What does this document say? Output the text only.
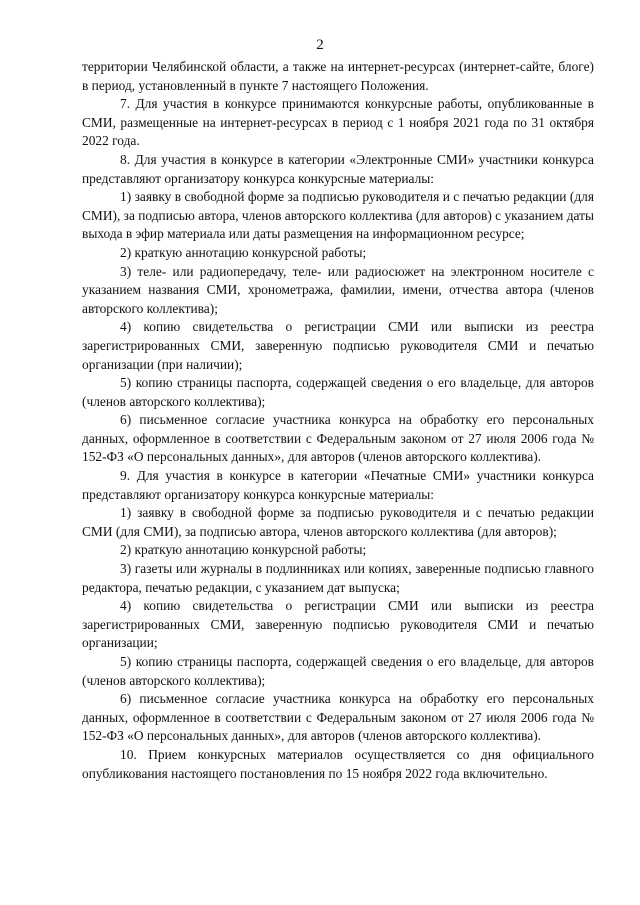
2

территории Челябинской области, а также на интернет-ресурсах (интернет-сайте, блоге) в период, установленный в пункте 7 настоящего Положения.

7. Для участия в конкурсе принимаются конкурсные работы, опубликованные в СМИ, размещенные на интернет-ресурсах в период с 1 ноября 2021 года по 31 октября 2022 года.

8. Для участия в конкурсе в категории «Электронные СМИ» участники конкурса представляют организатору конкурса конкурсные материалы:

1) заявку в свободной форме за подписью руководителя и с печатью редакции (для СМИ), за подписью автора, членов авторского коллектива (для авторов) с указанием даты выхода в эфир материала или даты размещения на информационном ресурсе;

2) краткую аннотацию конкурсной работы;

3) теле- или радиопередачу, теле- или радиосюжет на электронном носителе с указанием названия СМИ, хронометража, фамилии, имени, отчества автора (членов авторского коллектива);

4) копию свидетельства о регистрации СМИ или выписки из реестра зарегистрированных СМИ, заверенную подписью руководителя СМИ и печатью организации (при наличии);

5) копию страницы паспорта, содержащей сведения о его владельце, для авторов (членов авторского коллектива);

6) письменное согласие участника конкурса на обработку его персональных данных, оформленное в соответствии с Федеральным законом от 27 июля 2006 года № 152-ФЗ «О персональных данных», для авторов (членов авторского коллектива).

9. Для участия в конкурсе в категории «Печатные СМИ» участники конкурса представляют организатору конкурса конкурсные материалы:

1) заявку в свободной форме за подписью руководителя и с печатью редакции СМИ (для СМИ), за подписью автора, членов авторского коллектива (для авторов);

2) краткую аннотацию конкурсной работы;

3) газеты или журналы в подлинниках или копиях, заверенные подписью главного редактора, печатью редакции, с указанием дат выпуска;

4) копию свидетельства о регистрации СМИ или выписки из реестра зарегистрированных СМИ, заверенную подписью руководителя СМИ и печатью организации;

5) копию страницы паспорта, содержащей сведения о его владельце, для авторов (членов авторского коллектива);

6) письменное согласие участника конкурса на обработку его персональных данных, оформленное в соответствии с Федеральным законом от 27 июля 2006 года № 152-ФЗ «О персональных данных», для авторов (членов авторского коллектива).

10. Прием конкурсных материалов осуществляется со дня официального опубликования настоящего постановления по 15 ноября 2022 года включительно.
